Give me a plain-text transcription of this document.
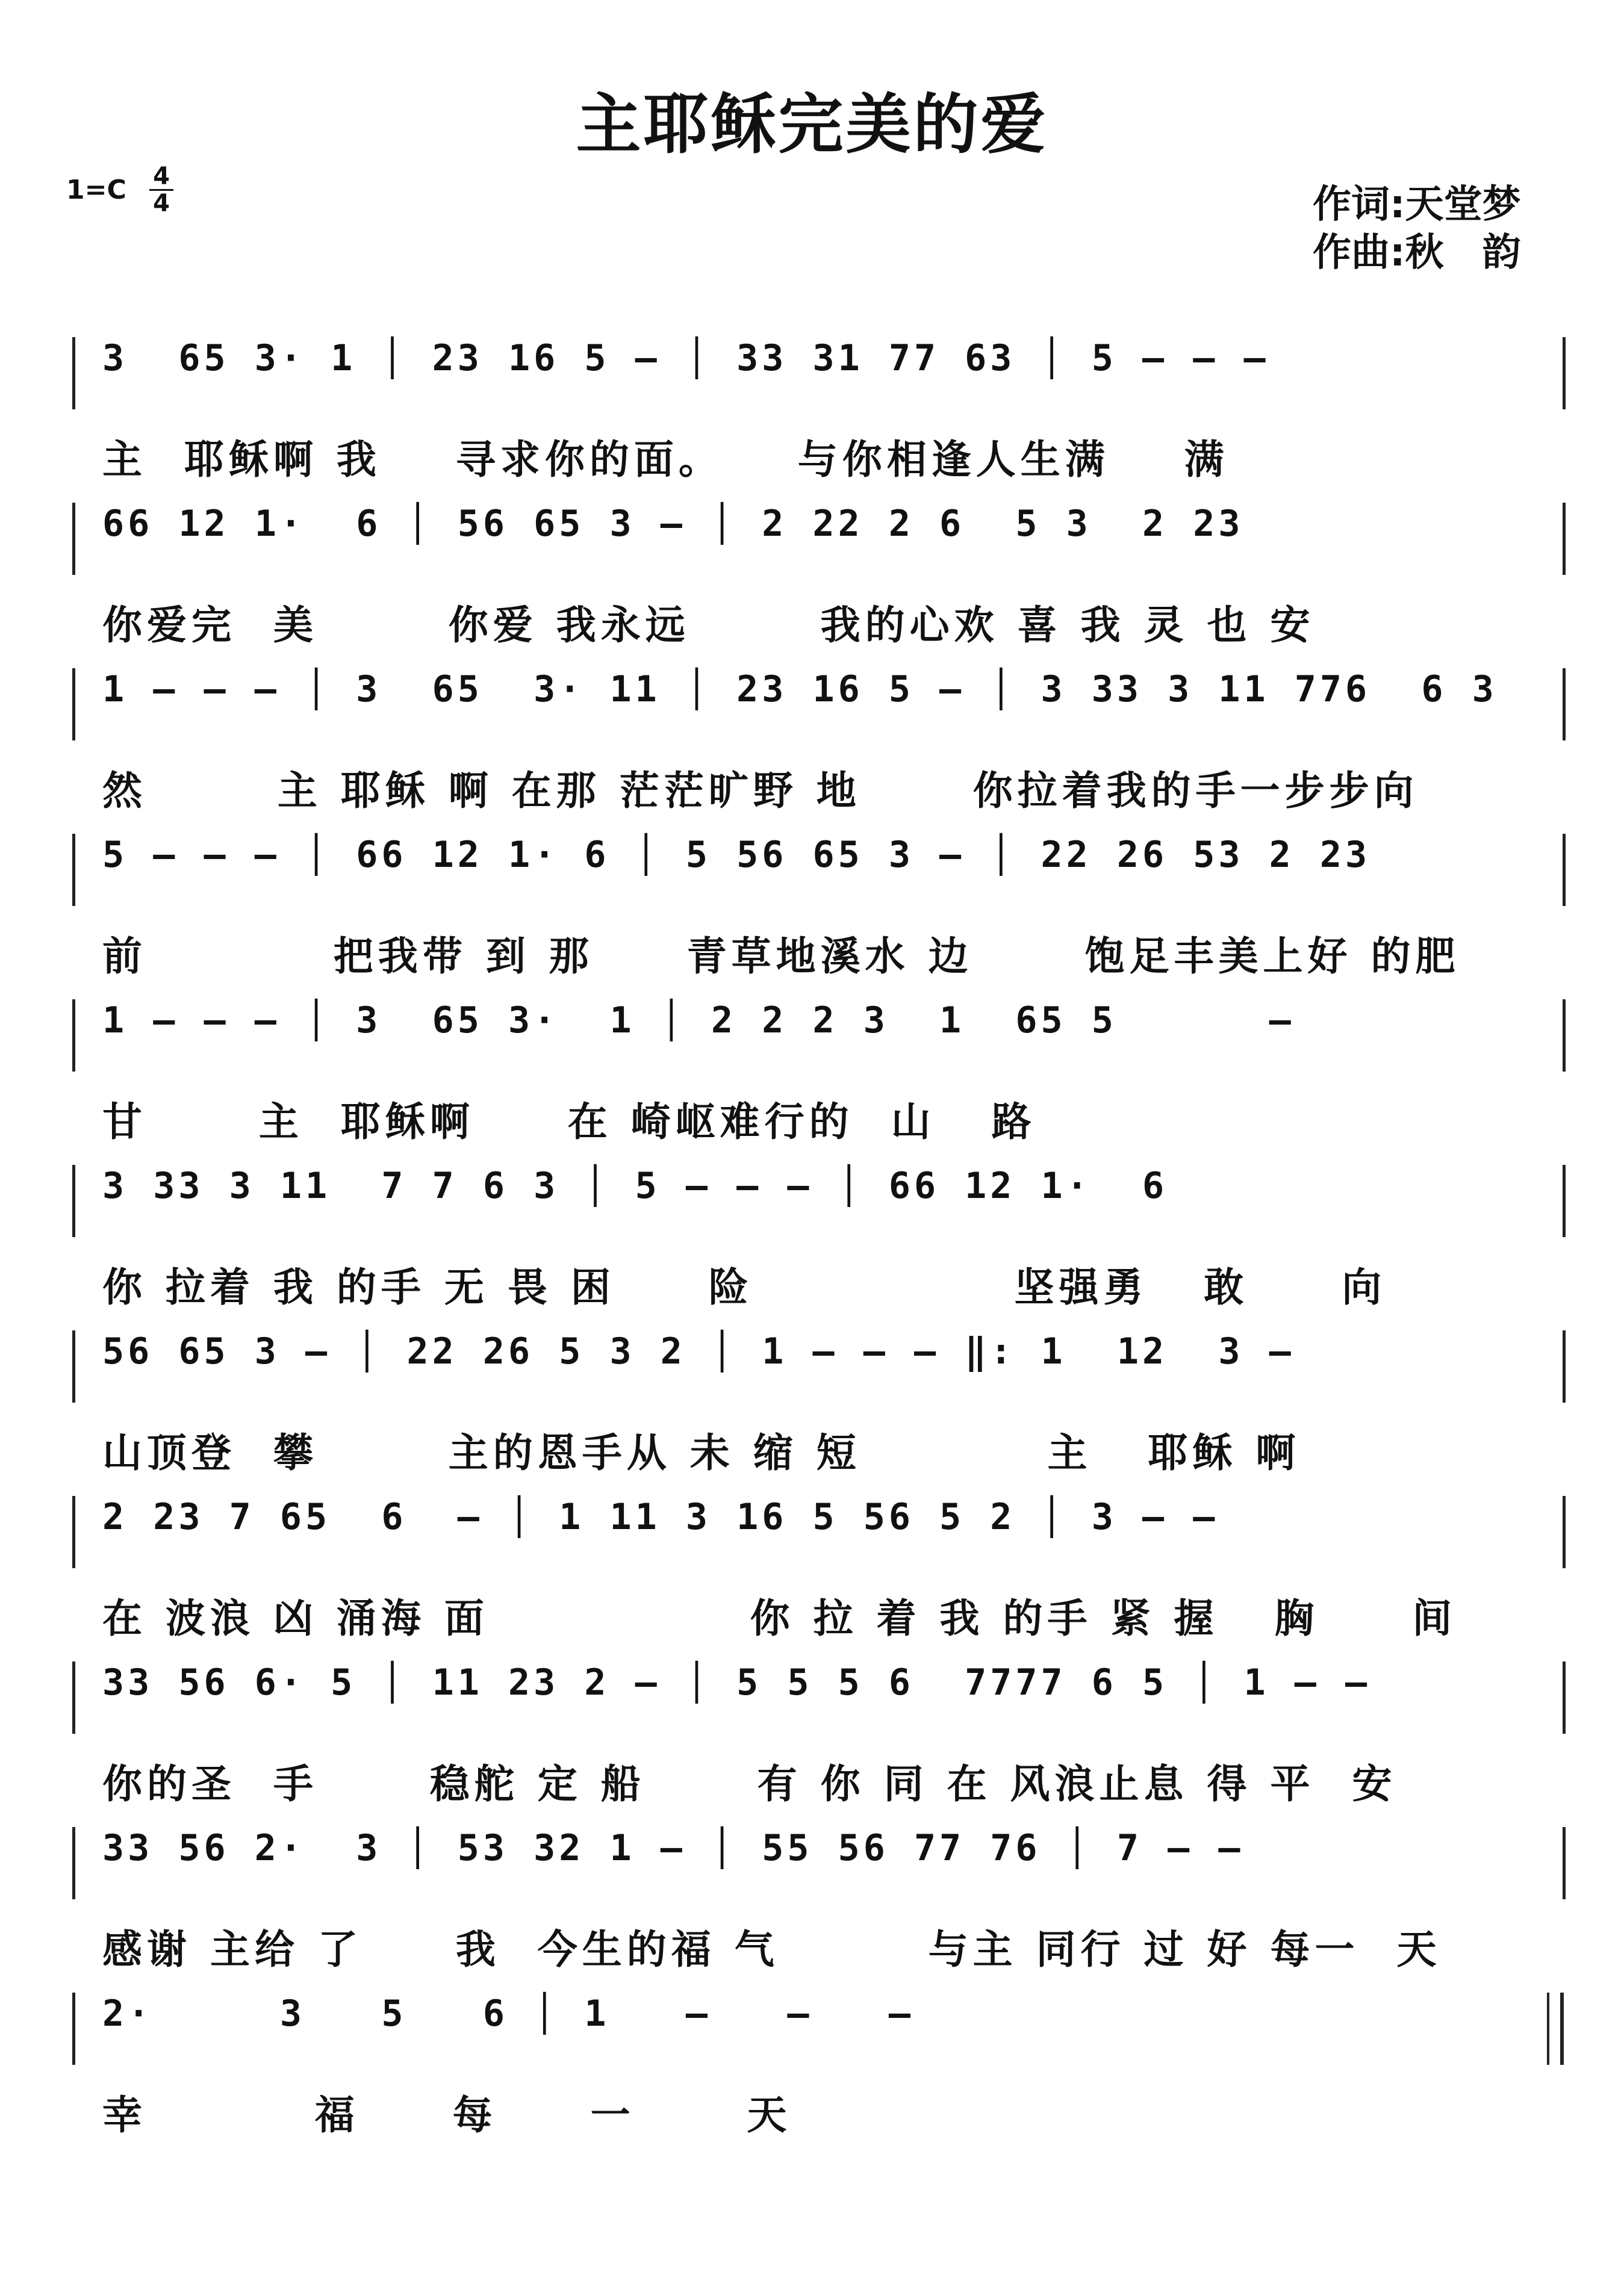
主耶稣完美的爱
$1=C \frac{4}{4}$	作词:天堂梦
作曲:秋　韵
3  65 3· 1 │ 23 16 5 – │ 33 31 77 63 │ 5 – – –
主  耶稣啊 我    寻求你的面。    与你相逢人生满    满
66 12 1·  6 │ 56 65 3 – │ 2 22 2 6  5 3  2 23
你爱完  美       你爱 我永远       我的心欢 喜 我 灵 也 安
1 – – – │ 3  65  3· 11 │ 23 16 5 – │ 3 33 3 11 776  6 3
然       主 耶稣 啊 在那 茫茫旷野 地      你拉着我的手一步步向
5 – – – │ 66 12 1· 6 │ 5 56 65 3 – │ 22 26 53 2 23
前          把我带 到 那     青草地溪水 边      饱足丰美上好 的肥
1 – – – │ 3  65 3·  1 │ 2 2 2 3  1  65 5      –
甘      主  耶稣啊     在 崎岖难行的  山   路
3 33 3 11  7 7 6 3 │ 5 – – – │ 66 12 1·  6
你 拉着 我 的手 无 畏 困     险              坚强勇   敢     向
56 65 3 – │ 22 26 5 3 2 │ 1 – – – ‖: 1  12  3 –
山顶登  攀       主的恩手从 未 缩 短          主   耶稣 啊
2 23 7 65  6  – │ 1 11 3 16 5 56 5 2 │ 3 – –
在 波浪 凶 涌海 面              你 拉 着 我 的手 紧 握   胸     间
33 56 6· 5 │ 11 23 2 – │ 5 5 5 6  7777 6 5 │ 1 – –
你的圣  手      稳舵 定 船      有 你 同 在 风浪止息 得 平  安
33 56 2·  3 │ 53 32 1 – │ 55 56 77 76 │ 7 – –
感谢 主给 了     我  今生的福 气        与主 同行 过 好 每一  天
2·     3   5   6 │ 1   –   –   –
幸         福     每     一      天
